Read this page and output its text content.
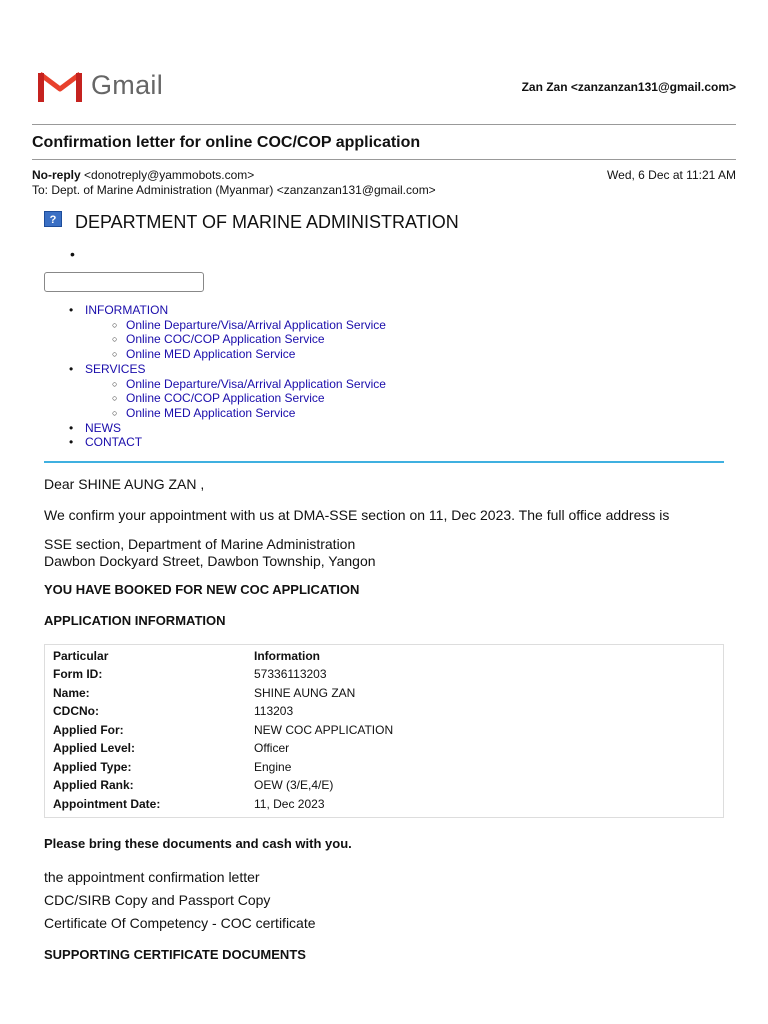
Gmail	Zan Zan <zanzanzan131@gmail.com>
Confirmation letter for online COC/COP application
No-reply <donotreply@yammobots.com>
To: Dept. of Marine Administration (Myanmar) <zanzanzan131@gmail.com>
Wed, 6 Dec at 11:21 AM
?	DEPARTMENT OF MARINE ADMINISTRATION
•
• INFORMATION
○ Online Departure/Visa/Arrival Application Service
○ Online COC/COP Application Service
○ Online MED Application Service
• SERVICES
○ Online Departure/Visa/Arrival Application Service
○ Online COC/COP Application Service
○ Online MED Application Service
• NEWS
• CONTACT
Dear SHINE AUNG ZAN ,
We confirm your appointment with us at DMA-SSE section on 11, Dec 2023. The full office address is
SSE section, Department of Marine Administration
Dawbon Dockyard Street, Dawbon Township, Yangon
YOU HAVE BOOKED FOR NEW COC APPLICATION
APPLICATION INFORMATION
Particular	Information
Form ID:	57336113203
Name:	SHINE AUNG ZAN
CDCNo:	113203
Applied For:	NEW COC APPLICATION
Applied Level:	Officer
Applied Type:	Engine
Applied Rank:	OEW (3/E,4/E)
Appointment Date:	11, Dec 2023
Please bring these documents and cash with you.
the appointment confirmation letter
CDC/SIRB Copy and Passport Copy
Certificate Of Competency - COC certificate
SUPPORTING CERTIFICATE DOCUMENTS
